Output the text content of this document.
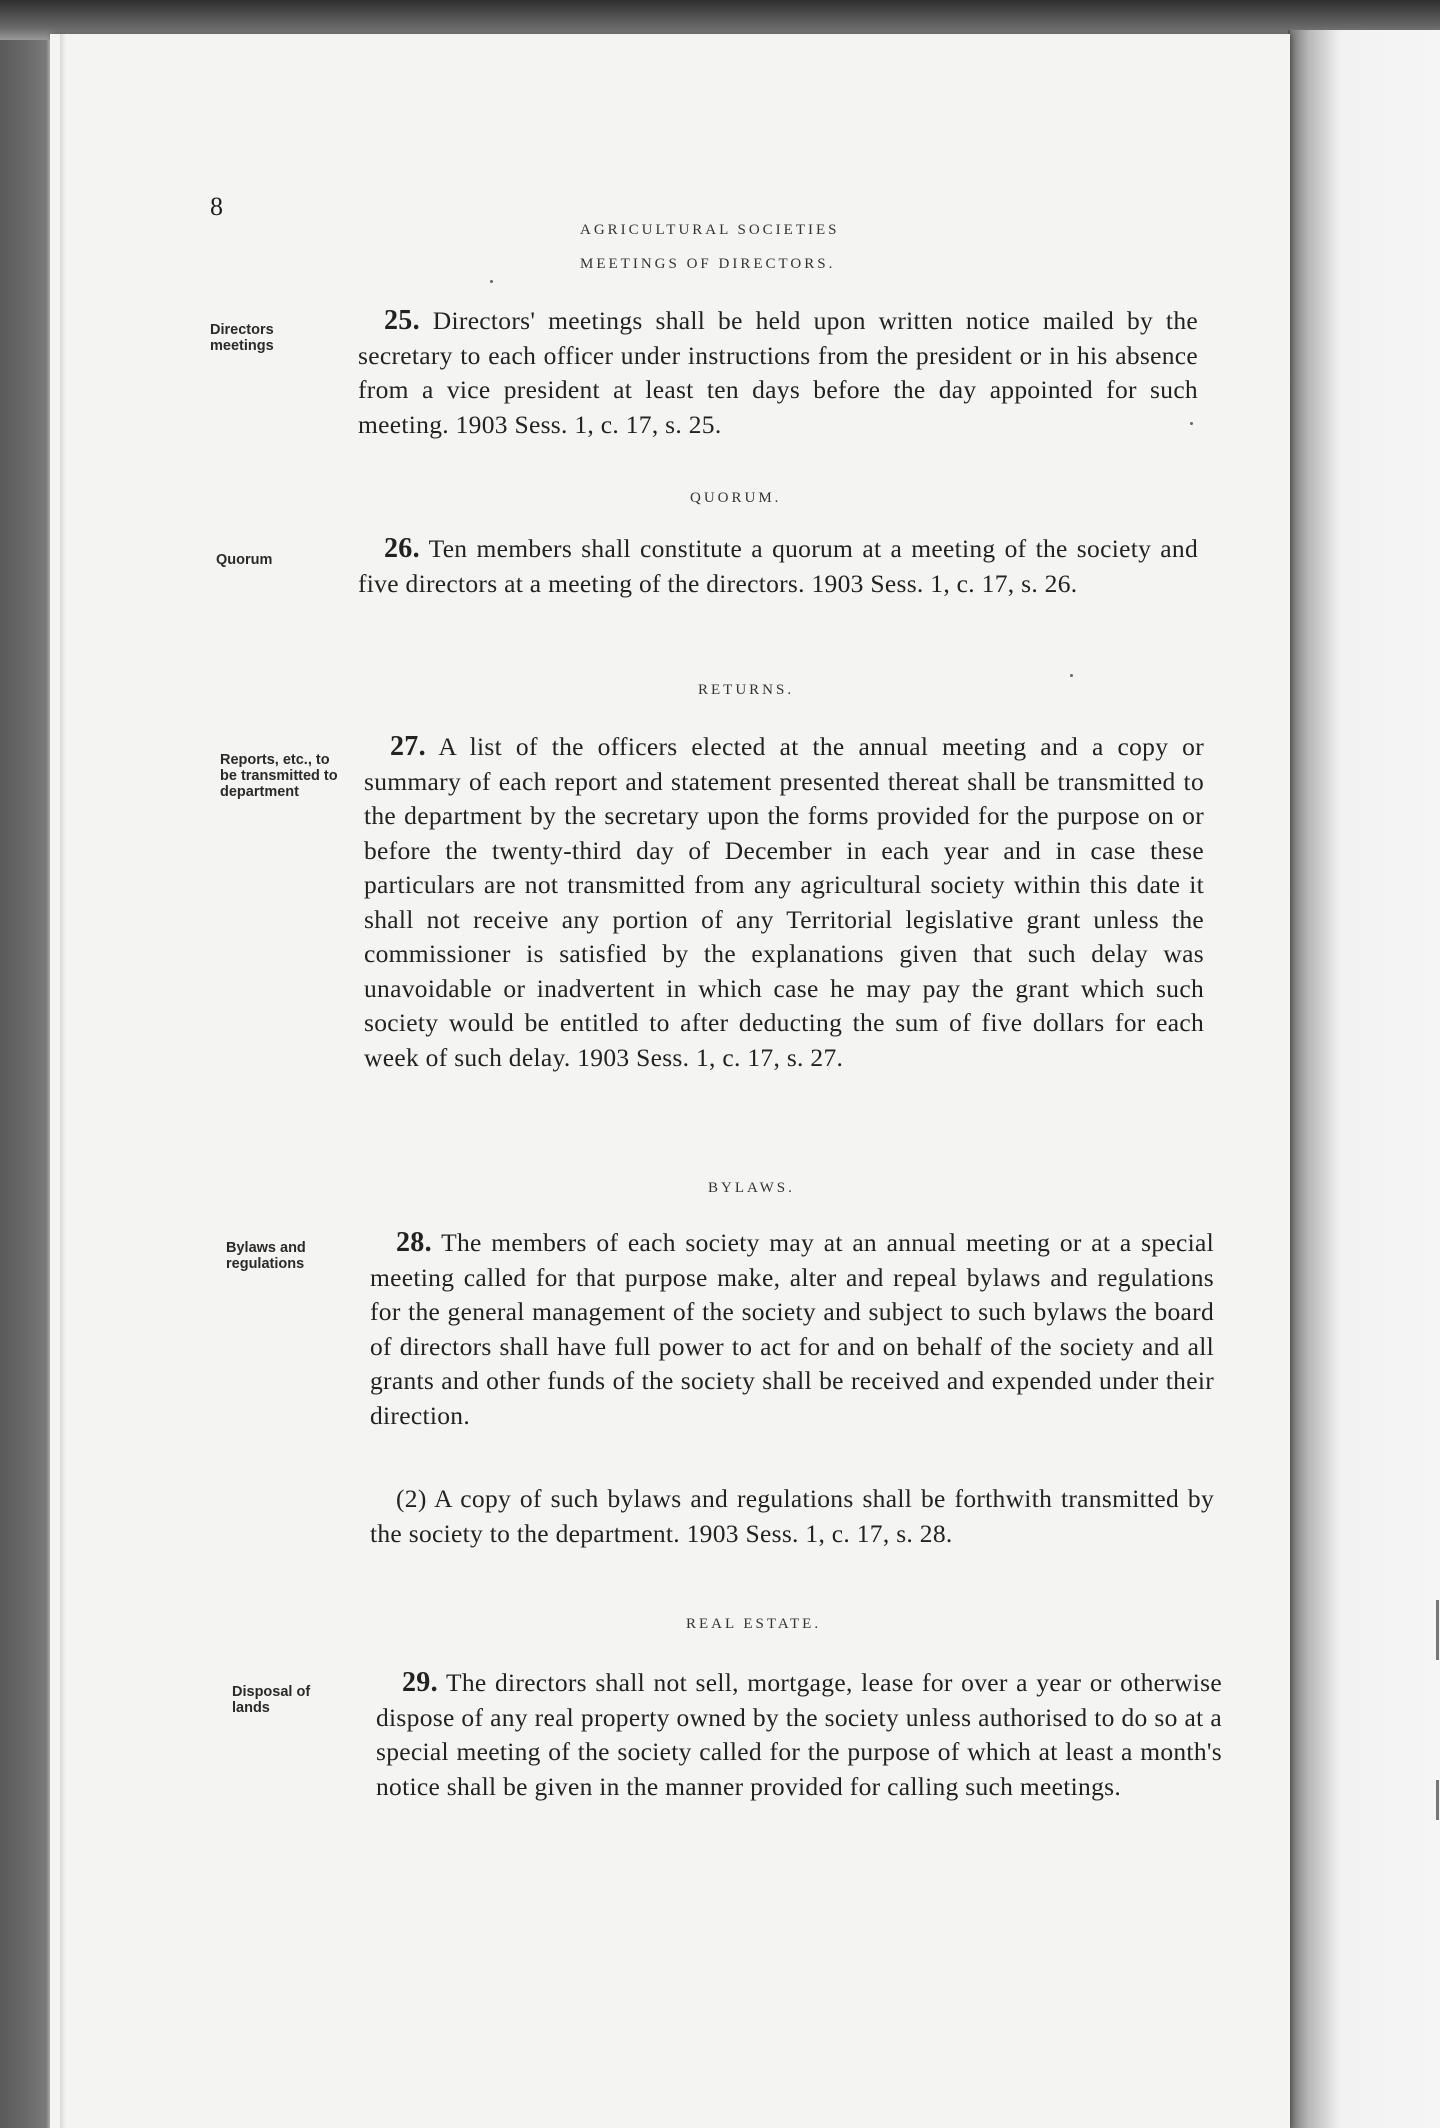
8
AGRICULTURAL SOCIETIES
MEETINGS OF DIRECTORS.
Directors meetings
25. Directors' meetings shall be held upon written notice mailed by the secretary to each officer under instructions from the president or in his absence from a vice president at least ten days before the day appointed for such meeting. 1903 Sess. 1, c. 17, s. 25.
QUORUM.
Quorum	26. Ten members shall constitute a quorum at a meeting of the society and five directors at a meeting of the directors. 1903 Sess. 1, c. 17, s. 26.
RETURNS.
Reports, etc., to be transmitted to department
27. A list of the officers elected at the annual meeting and a copy or summary of each report and statement presented thereat shall be transmitted to the department by the secretary upon the forms provided for the purpose on or before the twenty-third day of December in each year and in case these particulars are not transmitted from any agricultural society within this date it shall not receive any portion of any Territorial legislative grant unless the commissioner is satisfied by the explanations given that such delay was unavoidable or inadvertent in which case he may pay the grant which such society would be entitled to after deducting the sum of five dollars for each week of such delay. 1903 Sess. 1, c. 17, s. 27.
BYLAWS.
Bylaws and regulations
28. The members of each society may at an annual meeting or at a special meeting called for that purpose make, alter and repeal bylaws and regulations for the general management of the society and subject to such bylaws the board of directors shall have full power to act for and on behalf of the society and all grants and other funds of the society shall be received and expended under their direction.
(2) A copy of such bylaws and regulations shall be forthwith transmitted by the society to the department. 1903 Sess. 1, c. 17, s. 28.
REAL ESTATE.
Disposal of lands
29. The directors shall not sell, mortgage, lease for over a year or otherwise dispose of any real property owned by the society unless authorised to do so at a special meeting of the society called for the purpose of which at least a month's notice shall be given in the manner provided for calling such meetings.
